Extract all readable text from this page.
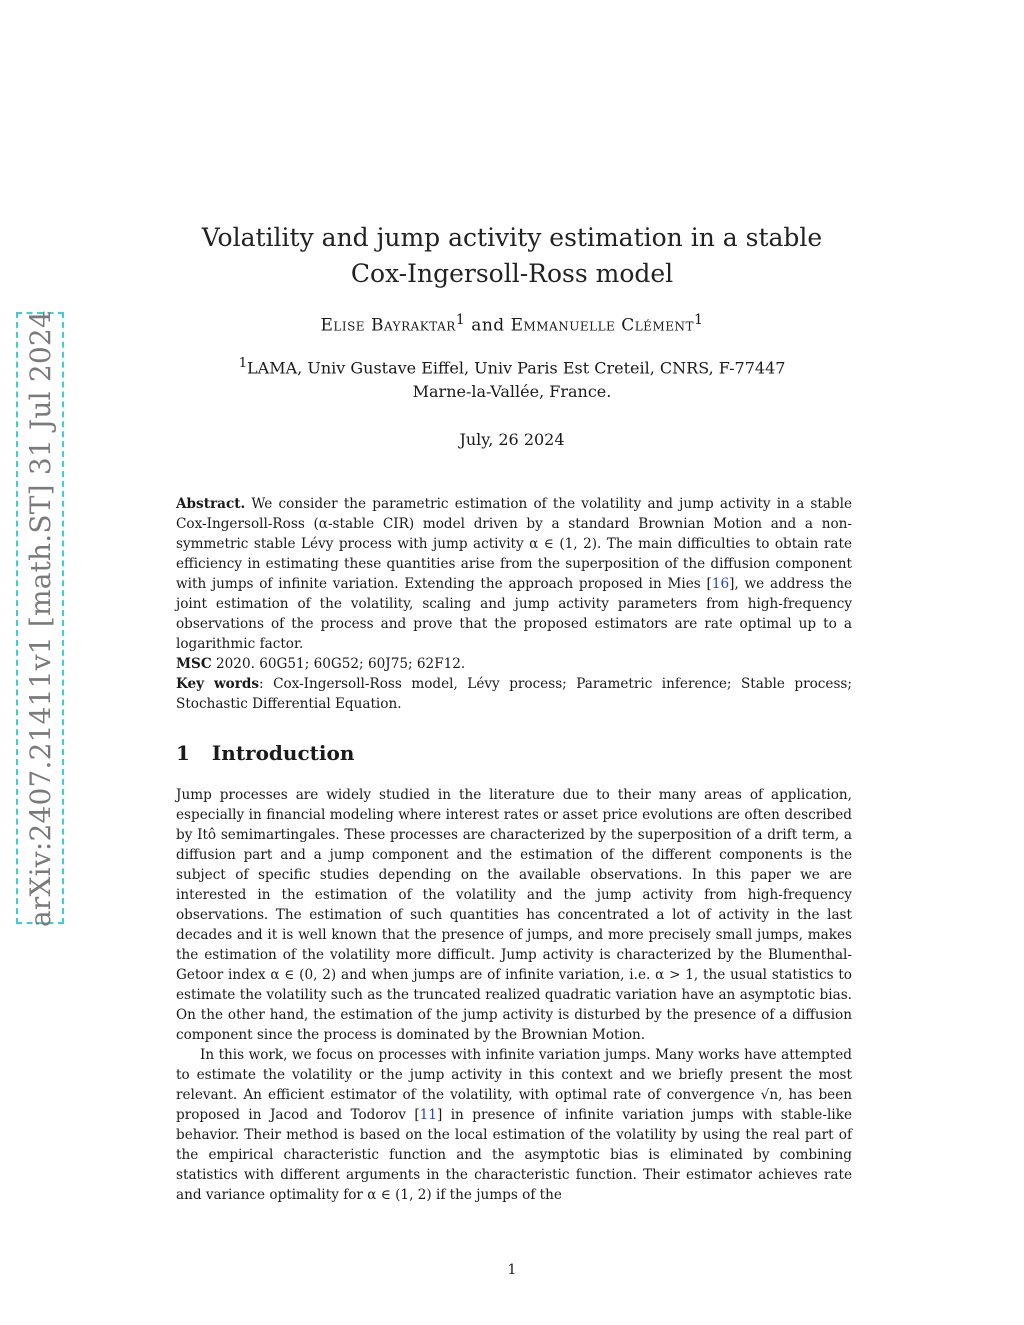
arXiv:2407.21411v1 [math.ST] 31 Jul 2024
Volatility and jump activity estimation in a stable
Cox-Ingersoll-Ross model

Elise Bayraktar$^1$ and Emmanuelle Clément$^1$

$^1$LAMA, Univ Gustave Eiffel, Univ Paris Est Creteil, CNRS, F-77447
Marne-la-Vallée, France.

July, 26 2024

Abstract. We consider the parametric estimation of the volatility and jump activity in a stable Cox-Ingersoll-Ross (α-stable CIR) model driven by a standard Brownian Motion and a non-symmetric stable Lévy process with jump activity α ∈ (1, 2). The main difficulties to obtain rate efficiency in estimating these quantities arise from the superposition of the diffusion component with jumps of infinite variation. Extending the approach proposed in Mies [16], we address the joint estimation of the volatility, scaling and jump activity parameters from high-frequency observations of the process and prove that the proposed estimators are rate optimal up to a logarithmic factor.

MSC 2020. 60G51; 60G52; 60J75; 62F12.

Key words: Cox-Ingersoll-Ross model, Lévy process; Parametric inference; Stable process; Stochastic Differential Equation.

1 Introduction

Jump processes are widely studied in the literature due to their many areas of application, especially in financial modeling where interest rates or asset price evolutions are often described by Itô semimartingales. These processes are characterized by the superposition of a drift term, a diffusion part and a jump component and the estimation of the different components is the subject of specific studies depending on the available observations. In this paper we are interested in the estimation of the volatility and the jump activity from high-frequency observations. The estimation of such quantities has concentrated a lot of activity in the last decades and it is well known that the presence of jumps, and more precisely small jumps, makes the estimation of the volatility more difficult. Jump activity is characterized by the Blumenthal-Getoor index α ∈ (0, 2) and when jumps are of infinite variation, i.e. α > 1, the usual statistics to estimate the volatility such as the truncated realized quadratic variation have an asymptotic bias. On the other hand, the estimation of the jump activity is disturbed by the presence of a diffusion component since the process is dominated by the Brownian Motion.

In this work, we focus on processes with infinite variation jumps. Many works have attempted to estimate the volatility or the jump activity in this context and we briefly present the most relevant. An efficient estimator of the volatility, with optimal rate of convergence √n, has been proposed in Jacod and Todorov [11] in presence of infinite variation jumps with stable-like behavior. Their method is based on the local estimation of the volatility by using the real part of the empirical characteristic function and the asymptotic bias is eliminated by combining statistics with different arguments in the characteristic function. Their estimator achieves rate and variance optimality for α ∈ (1, 2) if the jumps of the

1
